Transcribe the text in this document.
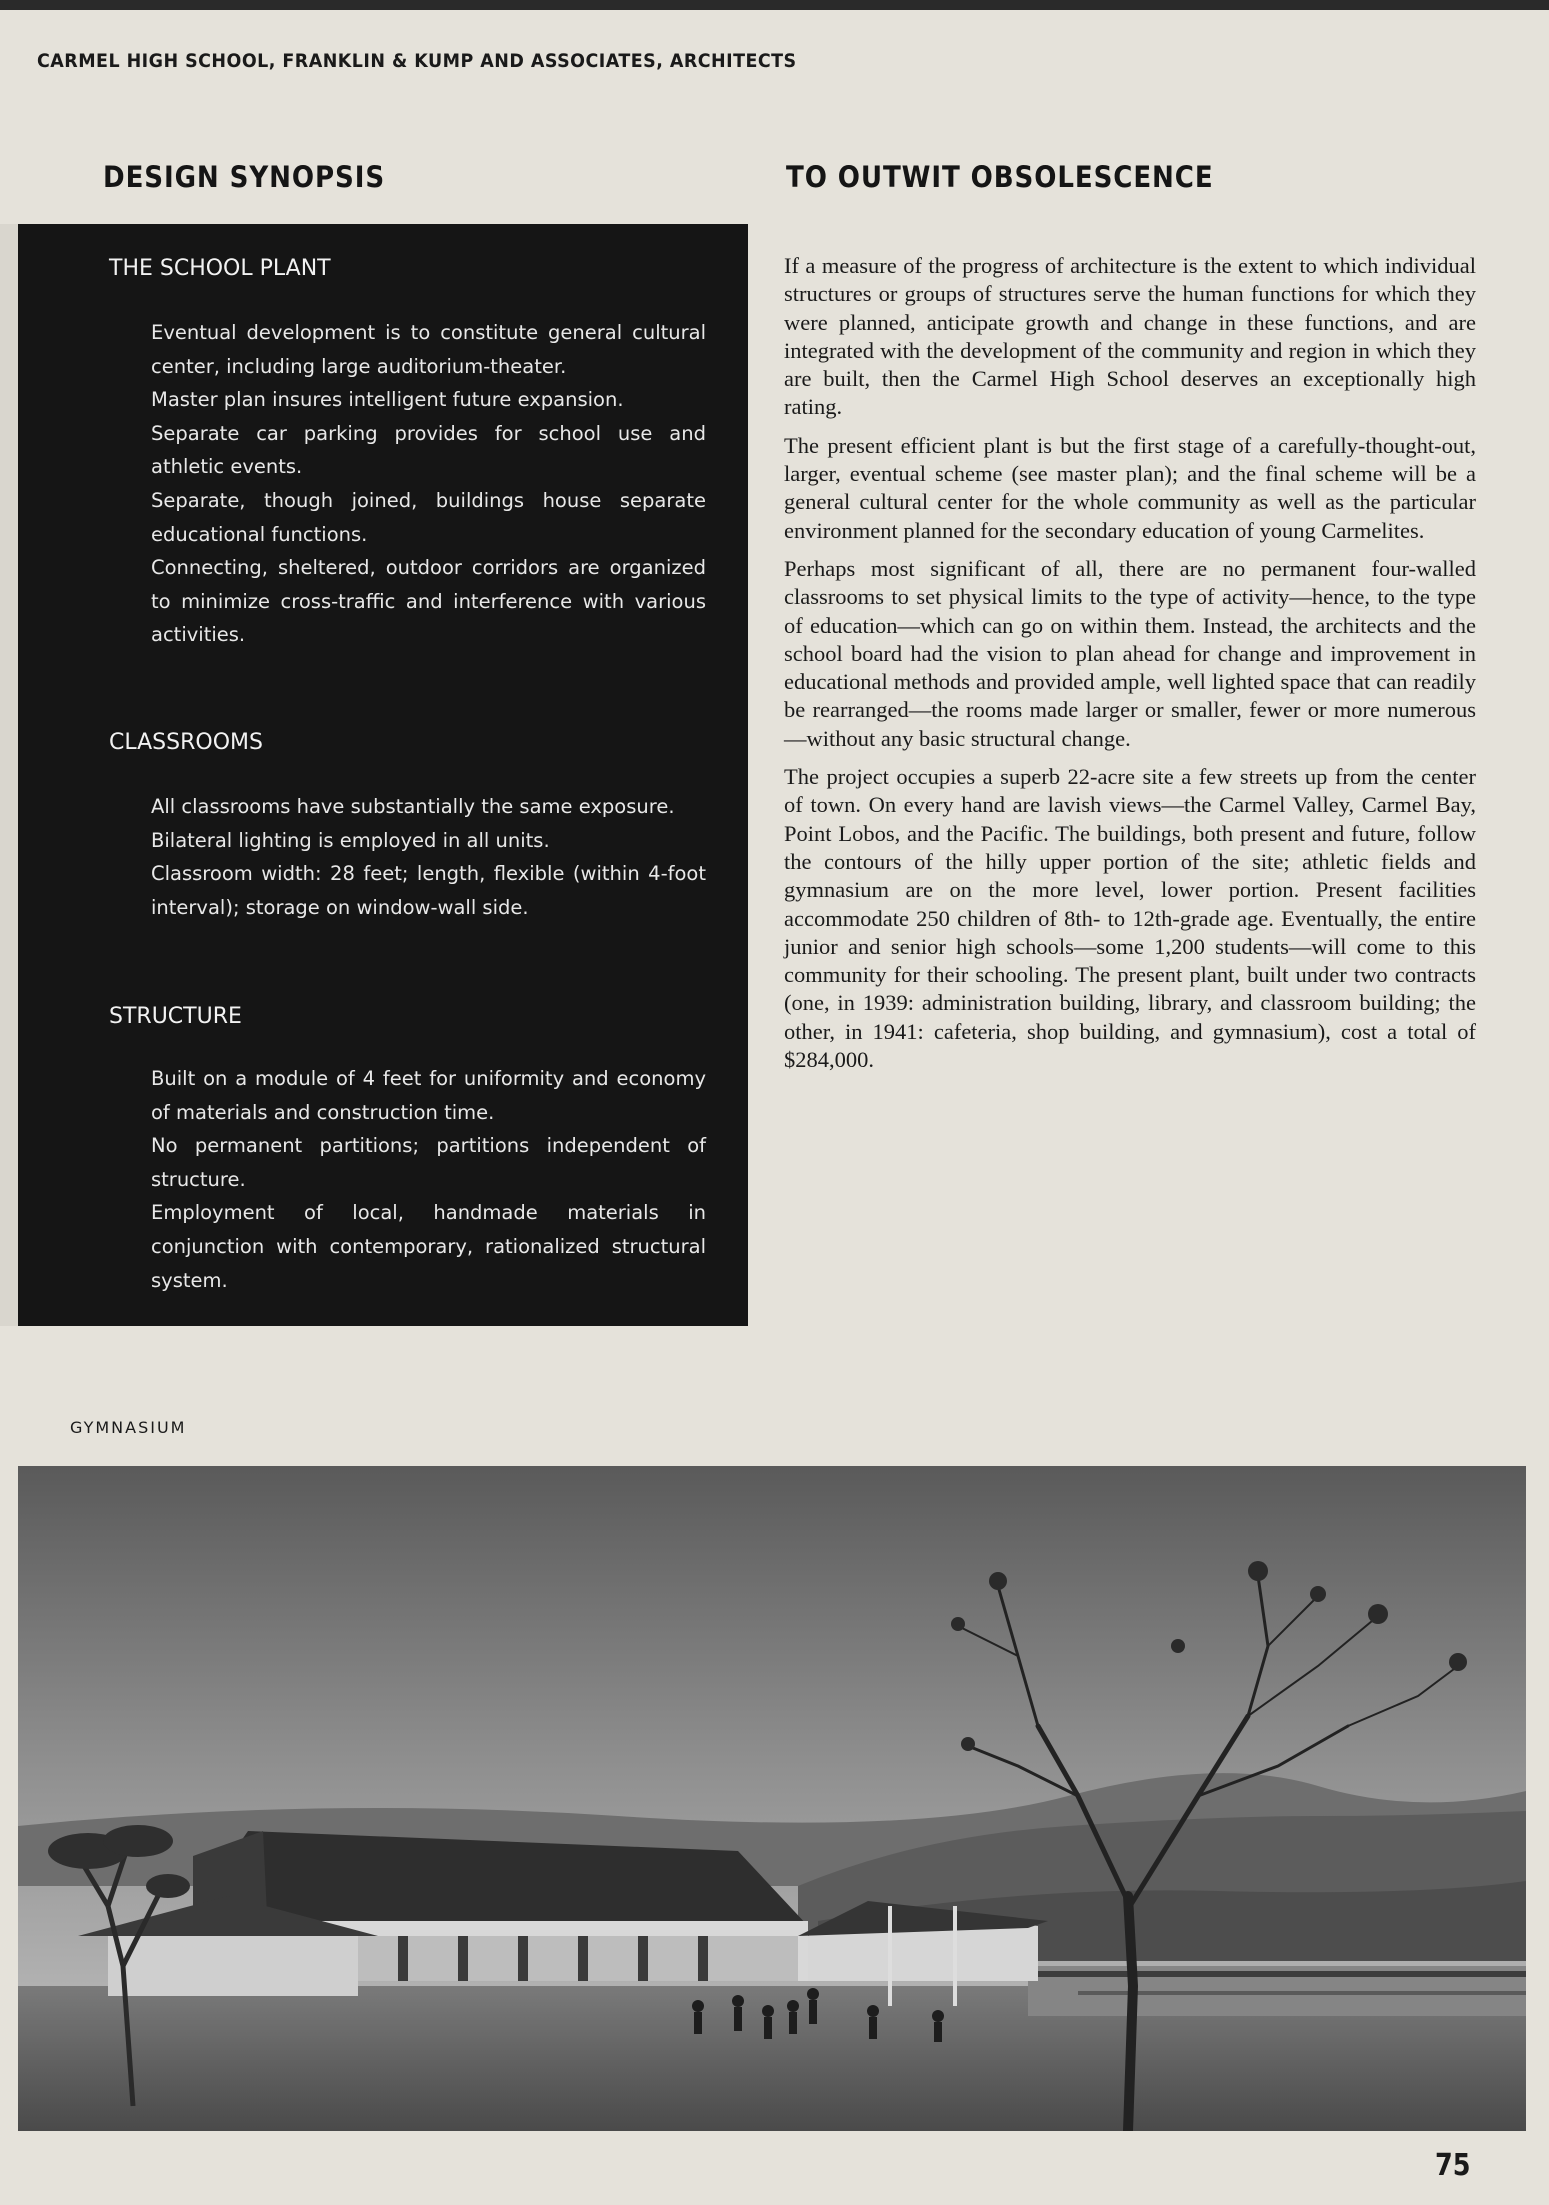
CARMEL HIGH SCHOOL, FRANKLIN & KUMP AND ASSOCIATES, ARCHITECTS
DESIGN SYNOPSIS	TO OUTWIT OBSOLESCENCE
THE SCHOOL PLANT

Eventual development is to constitute general cultural center, including large auditorium-theater.

Master plan insures intelligent future expansion.

Separate car parking provides for school use and athletic events.

Separate, though joined, buildings house separate educational functions.

Connecting, sheltered, outdoor corridors are organized to minimize cross-traffic and interference with various activities.

CLASSROOMS

All classrooms have substantially the same exposure.

Bilateral lighting is employed in all units.

Classroom width: 28 feet; length, flexible (within 4-foot interval); storage on window-wall side.

STRUCTURE

Built on a module of 4 feet for uniformity and economy of materials and construction time.

No permanent partitions; partitions independent of structure.

Employment of local, handmade materials in conjunction with contemporary, rationalized structural system.

If a measure of the progress of architecture is the extent to which individual structures or groups of structures serve the human functions for which they were planned, anticipate growth and change in these functions, and are integrated with the development of the community and region in which they are built, then the Carmel High School deserves an exceptionally high rating.

The present efficient plant is but the first stage of a carefully-thought-out, larger, eventual scheme (see master plan); and the final scheme will be a general cultural center for the whole community as well as the particular environment planned for the secondary education of young Carmelites.

Perhaps most significant of all, there are no permanent four-walled classrooms to set physical limits to the type of activity—hence, to the type of education—which can go on within them. Instead, the architects and the school board had the vision to plan ahead for change and improvement in educational methods and provided ample, well lighted space that can readily be rearranged—the rooms made larger or smaller, fewer or more numerous—without any basic structural change.

The project occupies a superb 22-acre site a few streets up from the center of town. On every hand are lavish views—the Carmel Valley, Carmel Bay, Point Lobos, and the Pacific. The buildings, both present and future, follow the contours of the hilly upper portion of the site; athletic fields and gymnasium are on the more level, lower portion. Present facilities accommodate 250 children of 8th- to 12th-grade age. Eventually, the entire junior and senior high schools—some 1,200 students—will come to this community for their schooling. The present plant, built under two contracts (one, in 1939: administration building, library, and classroom building; the other, in 1941: cafeteria, shop building, and gymnasium), cost a total of $284,000.

GYMNASIUM
75
